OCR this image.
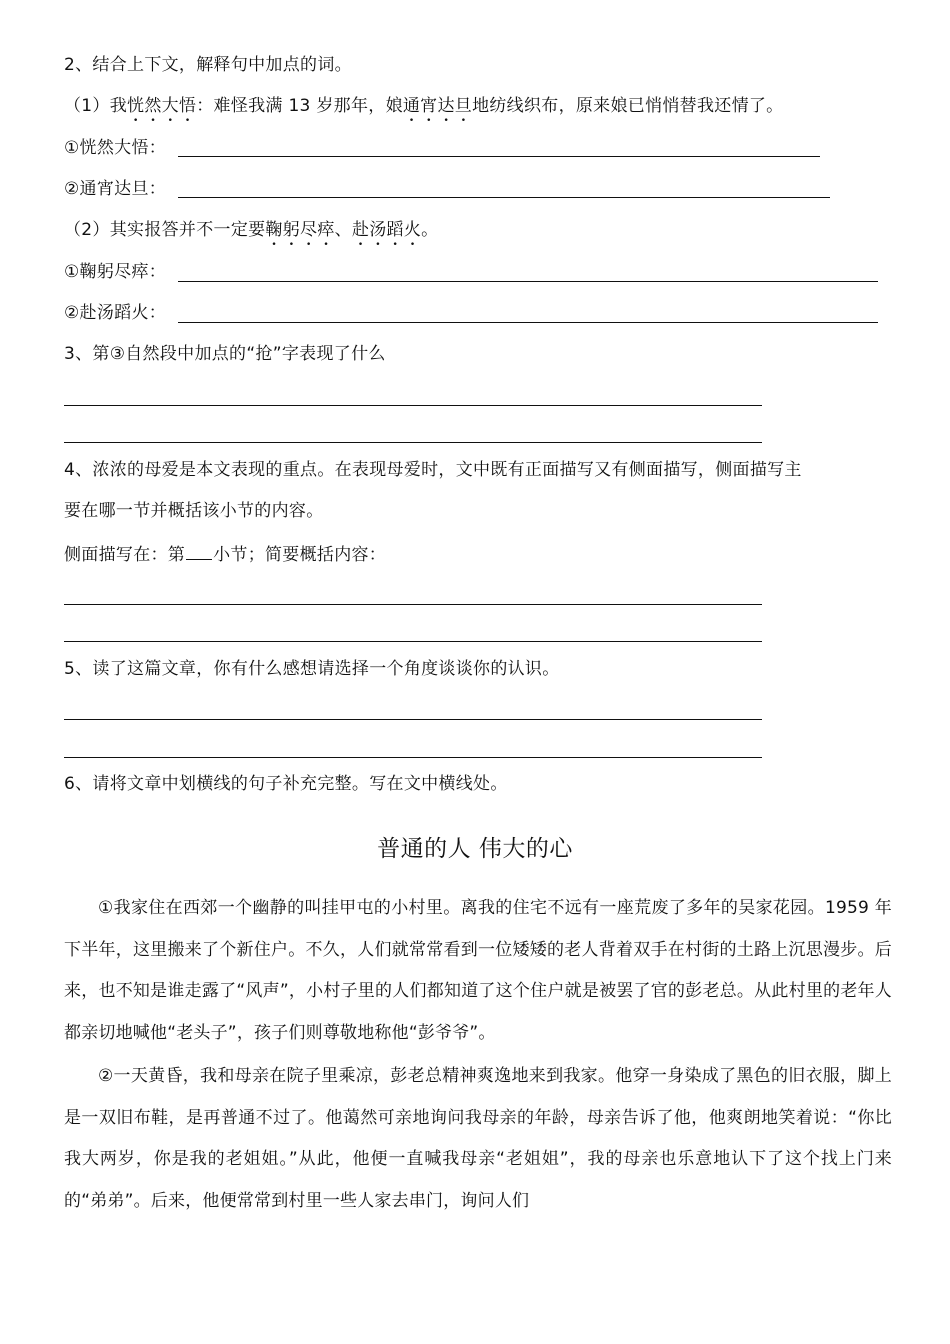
2、结合上下文，解释句中加点的词。
（1）我恍然大悟：难怪我满 13 岁那年，娘通宵达旦地纺线织布，原来娘已悄悄替我还情了。
①恍然大悟：
②通宵达旦：
（2）其实报答并不一定要鞠躬尽瘁、赴汤蹈火。
①鞠躬尽瘁：
②赴汤蹈火：
3、第③自然段中加点的“抢”字表现了什么
4、浓浓的母爱是本文表现的重点。在表现母爱时，文中既有正面描写又有侧面描写，侧面描写主
要在哪一节并概括该小节的内容。
侧面描写在：第 小节；简要概括内容：
5、读了这篇文章，你有什么感想请选择一个角度谈谈你的认识。
6、请将文章中划横线的句子补充完整。写在文中横线处。
普通的人 伟大的心
①我家住在西郊一个幽静的叫挂甲屯的小村里。离我的住宅不远有一座荒废了多年的吴家花园。1959 年下半年，这里搬来了个新住户。不久，人们就常常看到一位矮矮的老人背着双手在村街的土路上沉思漫步。后来，也不知是谁走露了“风声”，小村子里的人们都知道了这个住户就是被罢了官的彭老总。从此村里的老年人都亲切地喊他“老头子”，孩子们则尊敬地称他“彭爷爷”。
②一天黄昏，我和母亲在院子里乘凉，彭老总精神爽逸地来到我家。他穿一身染成了黑色的旧衣服，脚上是一双旧布鞋，是再普通不过了。他蔼然可亲地询问我母亲的年龄，母亲告诉了他，他爽朗地笑着说：“你比我大两岁，你是我的老姐姐。”从此，他便一直喊我母亲“老姐姐”，我的母亲也乐意地认下了这个找上门来的“弟弟”。后来，他便常常到村里一些人家去串门，询问人们
